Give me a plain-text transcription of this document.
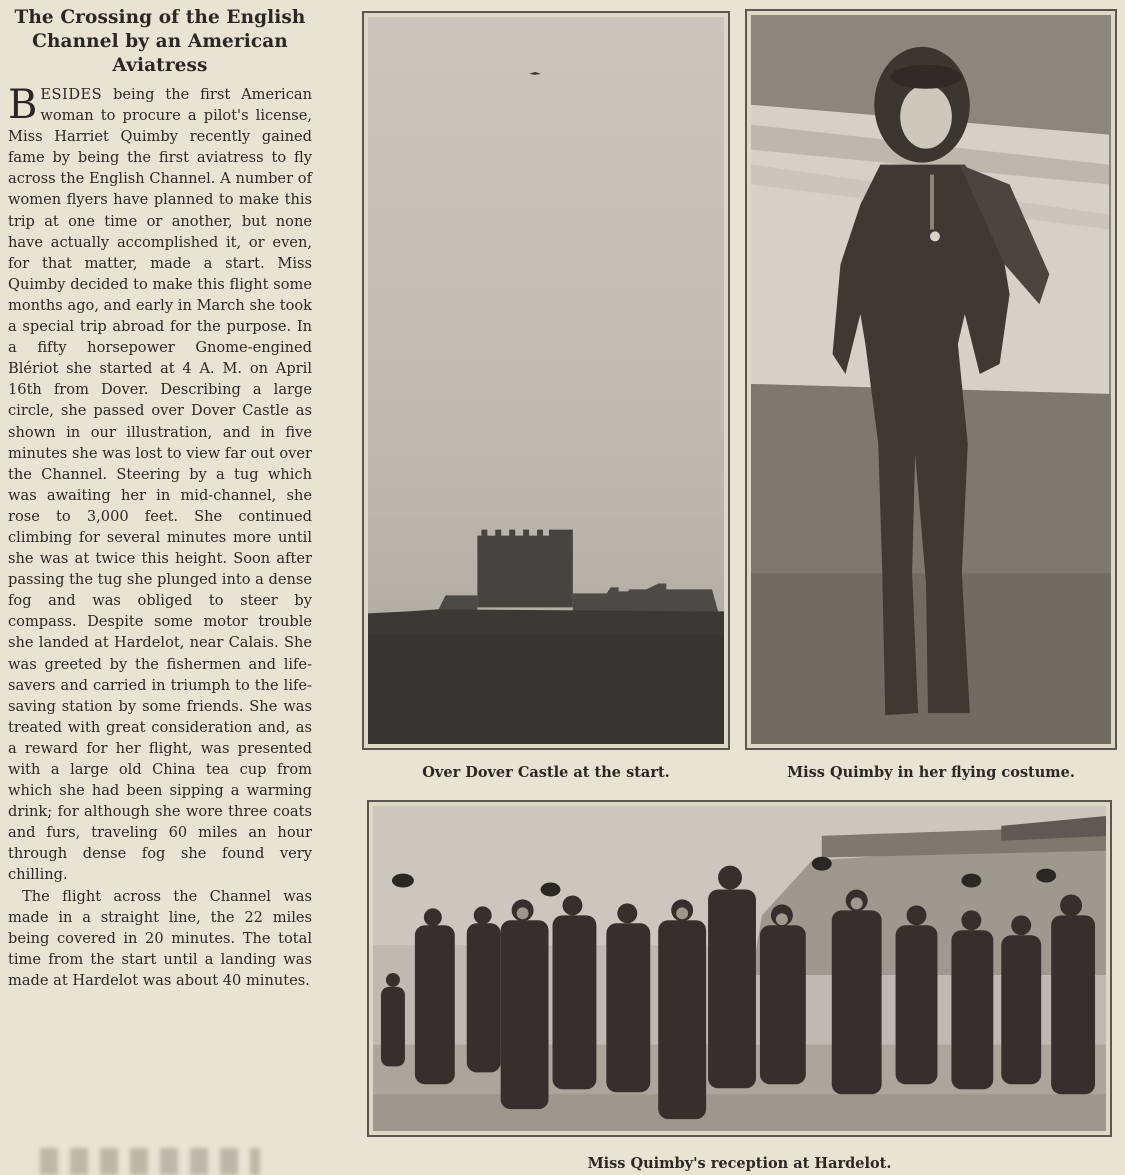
The Crossing of the English Channel by an American Aviatress

BESIDES being the first American woman to procure a pilot's license, Miss Harriet Quimby recently gained fame by being the first aviatress to fly across the English Channel. A number of women flyers have planned to make this trip at one time or another, but none have actually accomplished it, or even, for that matter, made a start. Miss Quimby decided to make this flight some months ago, and early in March she took a special trip abroad for the purpose. In a fifty horsepower Gnome-engined Blériot she started at 4 A. M. on April 16th from Dover. Describing a large circle, she passed over Dover Castle as shown in our illustration, and in five minutes she was lost to view far out over the Channel. Steering by a tug which was awaiting her in mid-channel, she rose to 3,000 feet. She continued climbing for several minutes more until she was at twice this height. Soon after passing the tug she plunged into a dense fog and was obliged to steer by compass. Despite some motor trouble she landed at Hardelot, near Calais. She was greeted by the fishermen and life-savers and carried in triumph to the life-saving station by some friends. She was treated with great consideration and, as a reward for her flight, was presented with a large old China tea cup from which she had been sipping a warming drink; for although she wore three coats and furs, traveling 60 miles an hour through dense fog she found very chilling.

The flight across the Channel was made in a straight line, the 22 miles being covered in 20 minutes. The total time from the start until a landing was made at Hardelot was about 40 minutes.

Over Dover Castle at the start.	Miss Quimby in her flying costume.
Miss Quimby's reception at Hardelot.
